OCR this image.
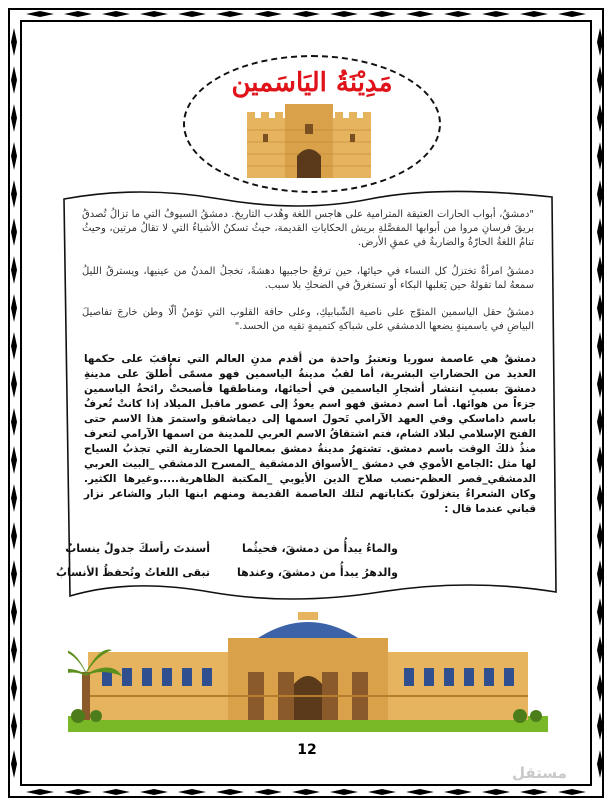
مَدِيْنَةُ اليَاسَمين

"دمشقُ، أبواب الحارات العتيقة المترامية على هاجس اللغة وهُدب التاريخ. دمشقُ السيوفُ التي ما تزالُ تُصدقُ بريقَ فرسانِ مروا من أبوابها المفصَّلةِ بريش الحكاياتِ القديمة، حيثُ تسكنُ الأشياءُ التي لا تقالُ مرتين، وحيثُ تنامُ اللغةُ الحارّةُ والضاربةُ في عمقِ الأرض.

دمشقُ امرأةٌ تختزلُ كل النساء في حيائها، حين ترفعُ حاجبيها دهشةً، تخجلُ المدنُ من عينيها، ويسترقُ الليلُ سمعهُ لما تقولهُ حين يَغلبها البكاء أو تستغرقُ في الضحكِ بلا سبب.

دمشقُ حقل الياسمين المتوّج على ناصية الشّبابيكِ، وعلى حافة القلوب التي تؤمنُ ألّا وطن خارجَ تفاصيلَ البياضِ في ياسمينةٍ يضعها الدمشقي على شباكهِ كتميمةٍ تقيه من الحسد."

دمشقُ هي عاصمة سوريا وتعتبرُ واحدة من أقدم مدنِ العالم التي تعاقبَ على حكمها العديد من الحضاراتِ البشرية، أما لقبُ مدينةُ الياسمين فهو مسمًى أُطلقَ على مدينةِ دمشقَ بسببِ انتشار أشجارِ الياسمين في أحيائها، ومناطقها فأصبحتْ رائحةُ الياسمين جزءاً من هوائها. أما اسم دمشق فهو اسم يعودُ إلى عصور ماقبل الميلاد إذا كانتْ تُعرفُ باسم داماسكي وفي العهد الآرامي تَحولَ اسمها إلى ديماشقو واستمرَ هذا الاسم حتى الفتح الإسلامي لبلاد الشام، فتم اشتقاقُ الاسم العربي للمدينة من اسمها الآرامي لتعرف منذُ ذلكَ الوقت باسم دمشق. تشتهرُ مدينةُ دمشق بمعالمها الحضارية التي تجذبُ السياح لها مثل :الجامع الأموي في دمشق _الأسواق الدمشقية _المسرح الدمشقي _البيت العربي الدمشقي_قصر العظم-نصب صلاح الدين الأيوبي _المكتبة الظاهرية.....وغيرها الكثير. وكان الشعراءُ يتغزلونَ بكتاباتهم لتلك العاصمة القديمة ومنهم ابنها البار والشاعر نزار قباني عندما قال :

والماءُ يبدأُ من دمشقَ، فحيثُما
أسندتَ رأسكَ جدولٌ ينسابُ
والدهرُ يبدأُ من دمشقَ، وعندها
تبقى اللغاتُ وتُحفظُ الأنسابُ
12
مستقل
